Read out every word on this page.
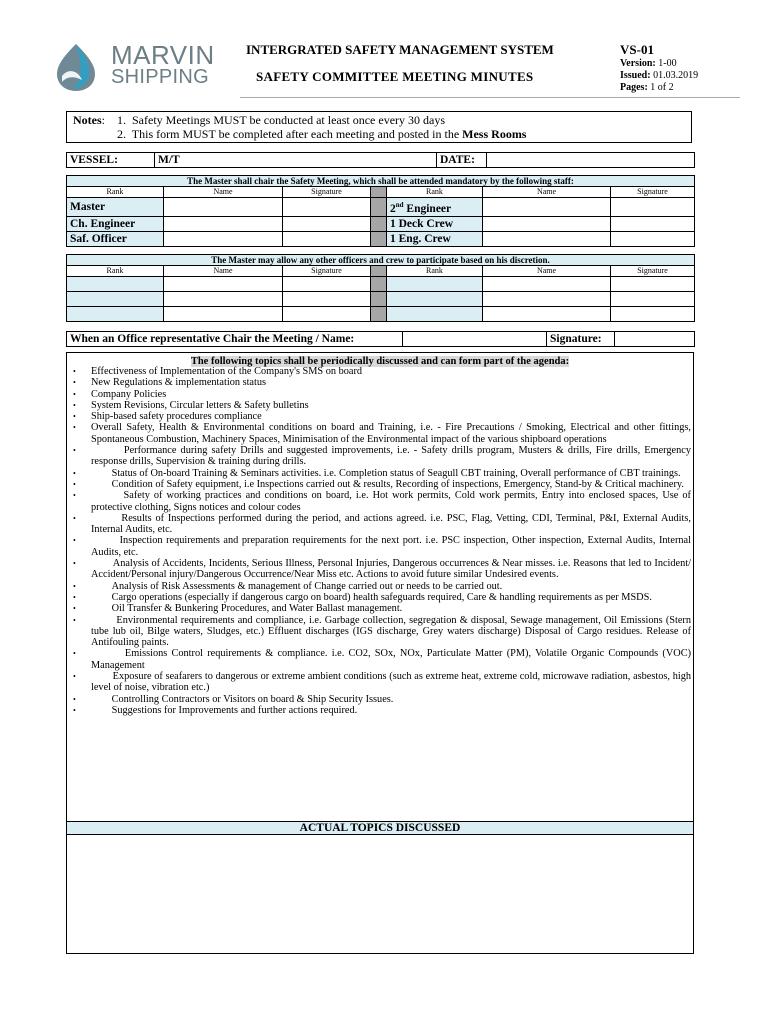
MARVIN
SHIPPING
INTERGRATED SAFETY MANAGEMENT SYSTEM
SAFETY COMMITTEE MEETING MINUTES
VS-01
Version: 1-00
Issued: 01.03.2019
Pages: 1 of 2
Notes: 1. Safety Meetings MUST be conducted at least once every 30 days
2. This form MUST be completed after each meeting and posted in the Mess Rooms
VESSEL:	M/T	DATE:	
The Master shall chair the Safety Meeting, which shall be attended mandatory by the following staff:						
Rank	Name	Signature		Rank	Name	Signature
Master				2nd Engineer		
Ch. Engineer				1 Deck Crew		
Saf. Officer				1 Eng. Crew		
The Master may allow any other officers and crew to participate based on his discretion.						
Rank	Name	Signature		Rank	Name	Signature

When an Office representative Chair the Meeting / Name:		Signature:	
The following topics shall be periodically discussed and can form part of the agenda:
• Effectiveness of Implementation of the Company's SMS on board
• New Regulations & implementation status
• Company Policies
• System Revisions, Circular letters & Safety bulletins
• Ship-based safety procedures compliance
• Overall Safety, Health & Environmental conditions on board and Training, i.e. - Fire Precautions / Smoking, Electrical and other fittings, Spontaneous Combustion, Machinery Spaces, Minimisation of the Environmental impact of the various shipboard operations
•         Performance during safety Drills and suggested improvements, i.e. - Safety drills program, Musters & drills, Fire drills, Emergency response drills, Supervision & training during drills.
•         Status of On-board Training & Seminars activities. i.e. Completion status of Seagull CBT training, Overall performance of CBT trainings.
•         Condition of Safety equipment, i.e Inspections carried out & results, Recording of inspections, Emergency, Stand-by & Critical machinery.
•         Safety of working practices and conditions on board, i.e. Hot work permits, Cold work permits, Entry into enclosed spaces, Use of protective clothing, Signs notices and colour codes
•         Results of Inspections performed during the period, and actions agreed. i.e. PSC, Flag, Vetting, CDI, Terminal, P&I, External Audits, Internal Audits, etc.
•         Inspection requirements and preparation requirements for the next port. i.e. PSC inspection, Other inspection, External Audits, Internal Audits, etc.
•         Analysis of Accidents, Incidents, Serious Illness, Personal Injuries, Dangerous occurrences & Near misses. i.e. Reasons that led to Incident/ Accident/Personal injury/Dangerous Occurrence/Near Miss etc. Actions to avoid future similar Undesired events.
•         Analysis of Risk Assessments & management of Change carried out or needs to be carried out.
•         Cargo operations (especially if dangerous cargo on board) health safeguards required, Care & handling requirements as per MSDS.
•         Oil Transfer & Bunkering Procedures, and Water Ballast management.
•         Environmental requirements and compliance, i.e. Garbage collection, segregation & disposal, Sewage management, Oil Emissions (Stern tube lub oil, Bilge waters, Sludges, etc.) Effluent discharges (IGS discharge, Grey waters discharge) Disposal of Cargo residues. Release of Antifouling paints.
•         Emissions Control requirements & compliance. i.e. CO2, SOx, NOx, Particulate Matter (PM), Volatile Organic Compounds (VOC) Management
•         Exposure of seafarers to dangerous or extreme ambient conditions (such as extreme heat, extreme cold, microwave radiation, asbestos, high level of noise, vibration etc.)
•         Controlling Contractors or Visitors on board & Ship Security Issues.
•         Suggestions for Improvements and further actions required.
ACTUAL TOPICS DISCUSSED
